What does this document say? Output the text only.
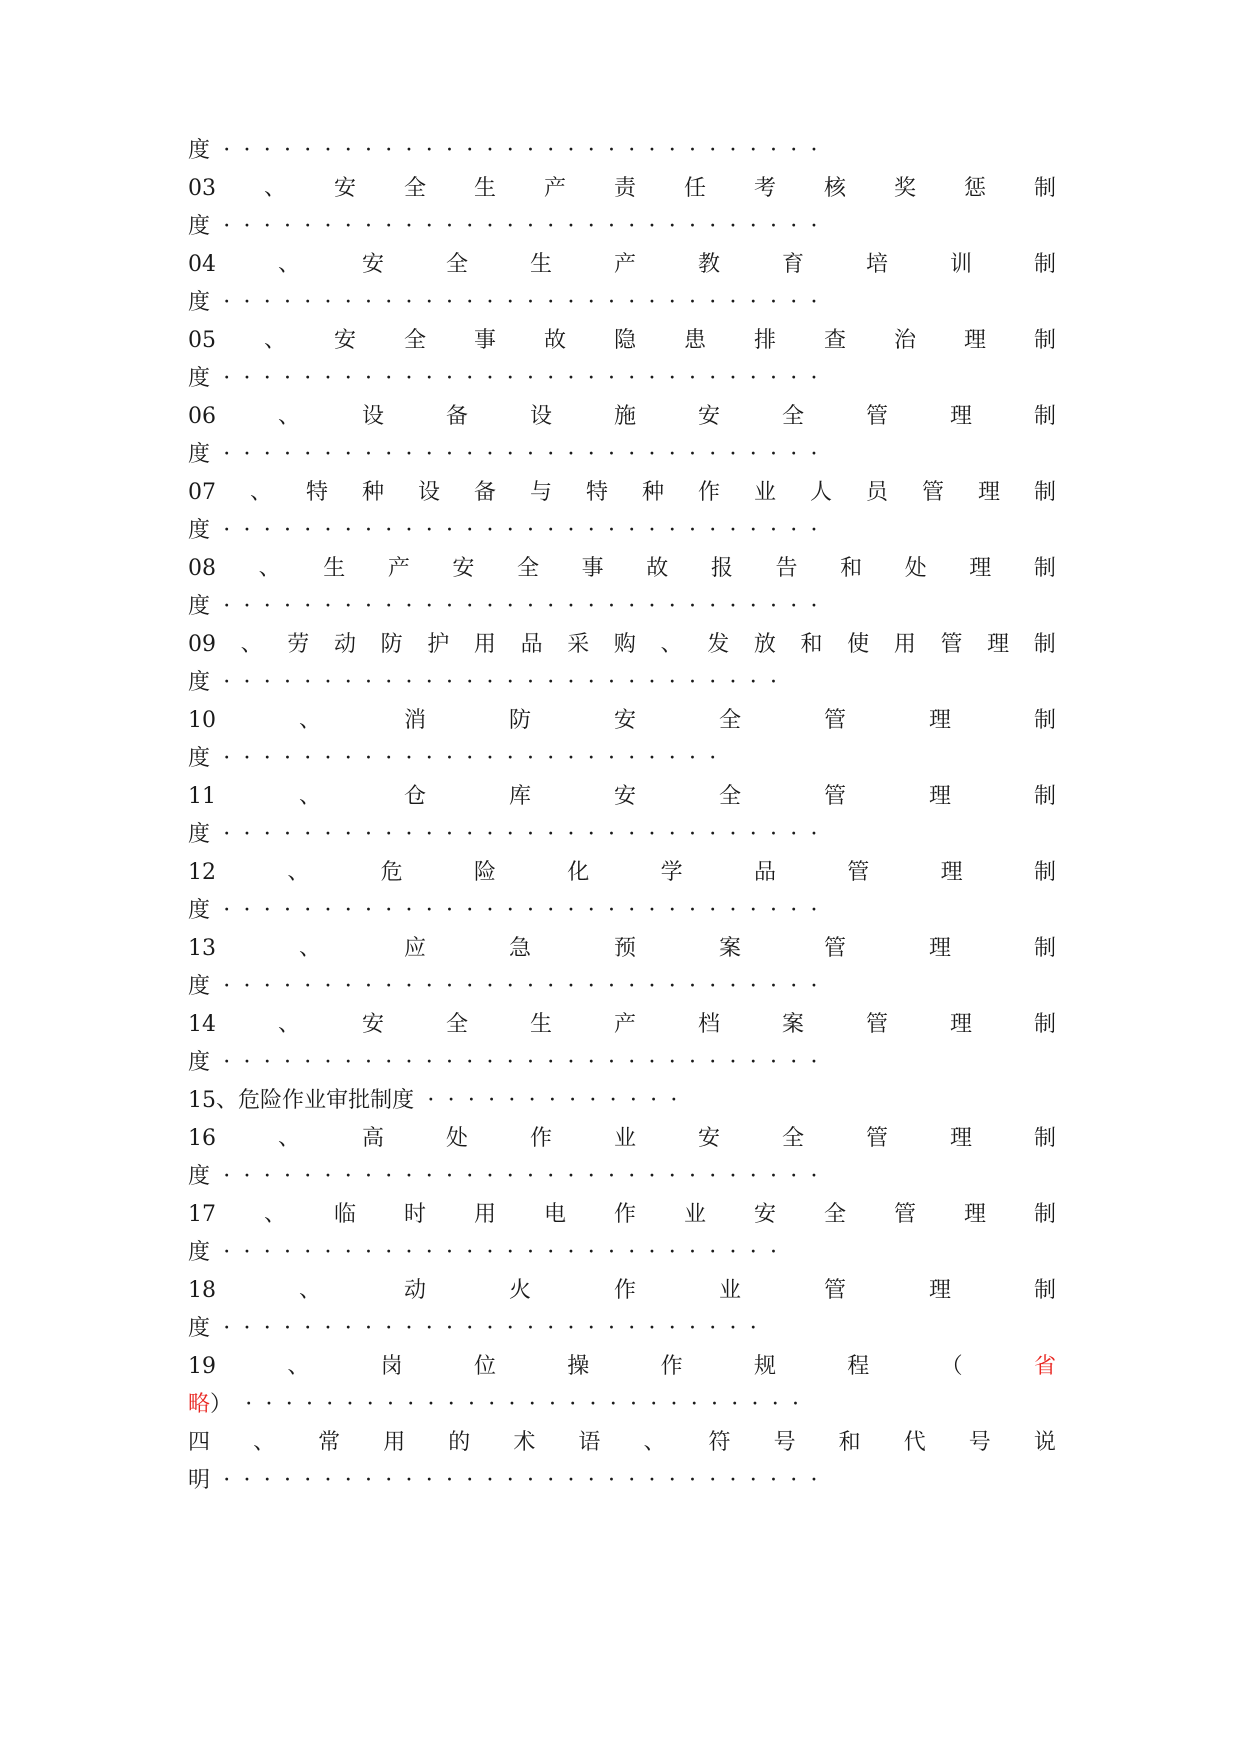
度 · · · · · · · · · · · · · · · · · · · · · · · · · · · · · ·
03 、 安 全 生 产 责 任 考 核 奖 惩 制
度 · · · · · · · · · · · · · · · · · · · · · · · · · · · · · ·
04	、	安	全	生	产	教	育	培	训	制
度 · · · · · · · · · · · · · · · · · · · · · · · · · · · · · ·
05 、 安 全 事 故 隐 患 排 查 治 理 制
度 · · · · · · · · · · · · · · · · · · · · · · · · · · · · · ·
06	、	设	备	设	施	安	全	管	理	制
度 · · · · · · · · · · · · · · · · · · · · · · · · · · · · · ·
07 、 特 种 设 备 与 特 种 作 业 人 员 管 理 制
度 · · · · · · · · · · · · · · · · · · · · · · · · · · · · · ·
08 、 生 产 安 全 事 故 报 告 和 处 理 制
度 · · · · · · · · · · · · · · · · · · · · · · · · · · · · · ·
09 、 劳 动 防 护 用 品 采 购 、 发 放 和 使 用 管 理 制
度 · · · · · · · · · · · · · · · · · · · · · · · · · · · ·
10	、	消	防	安	全	管	理	制
度 · · · · · · · · · · · · · · · · · · · · · · · · ·
11	、	仓	库	安	全	管	理	制
度 · · · · · · · · · · · · · · · · · · · · · · · · · · · · · ·
12	、	危	险	化	学	品	管	理	制
度 · · · · · · · · · · · · · · · · · · · · · · · · · · · · · ·
13	、	应	急	预	案	管	理	制
度 · · · · · · · · · · · · · · · · · · · · · · · · · · · · · ·
14	、	安	全	生	产	档	案	管	理	制
度 · · · · · · · · · · · · · · · · · · · · · · · · · · · · · ·
15 、 危 险 作 业 审 批 制 度 · · · · · · · · · · · · ·
16	、	高	处	作	业	安	全	管	理	制
度 · · · · · · · · · · · · · · · · · · · · · · · · · · · · · ·
17 、 临 时 用 电 作 业 安 全 管 理 制
度 · · · · · · · · · · · · · · · · · · · · · · · · · · · ·
18	、	动	火	作	业	管	理	制
度 · · · · · · · · · · · · · · · · · · · · · · · · · · ·
19	、	岗	位	操	作	规	程	（	省
略 ） · · · · · · · · · · · · · · · · · · · · · · · · · · · ·
四 、 常 用 的 术 语 、 符 号 和 代 号 说
明 · · · · · · · · · · · · · · · · · · · · · · · · · · · · · ·
